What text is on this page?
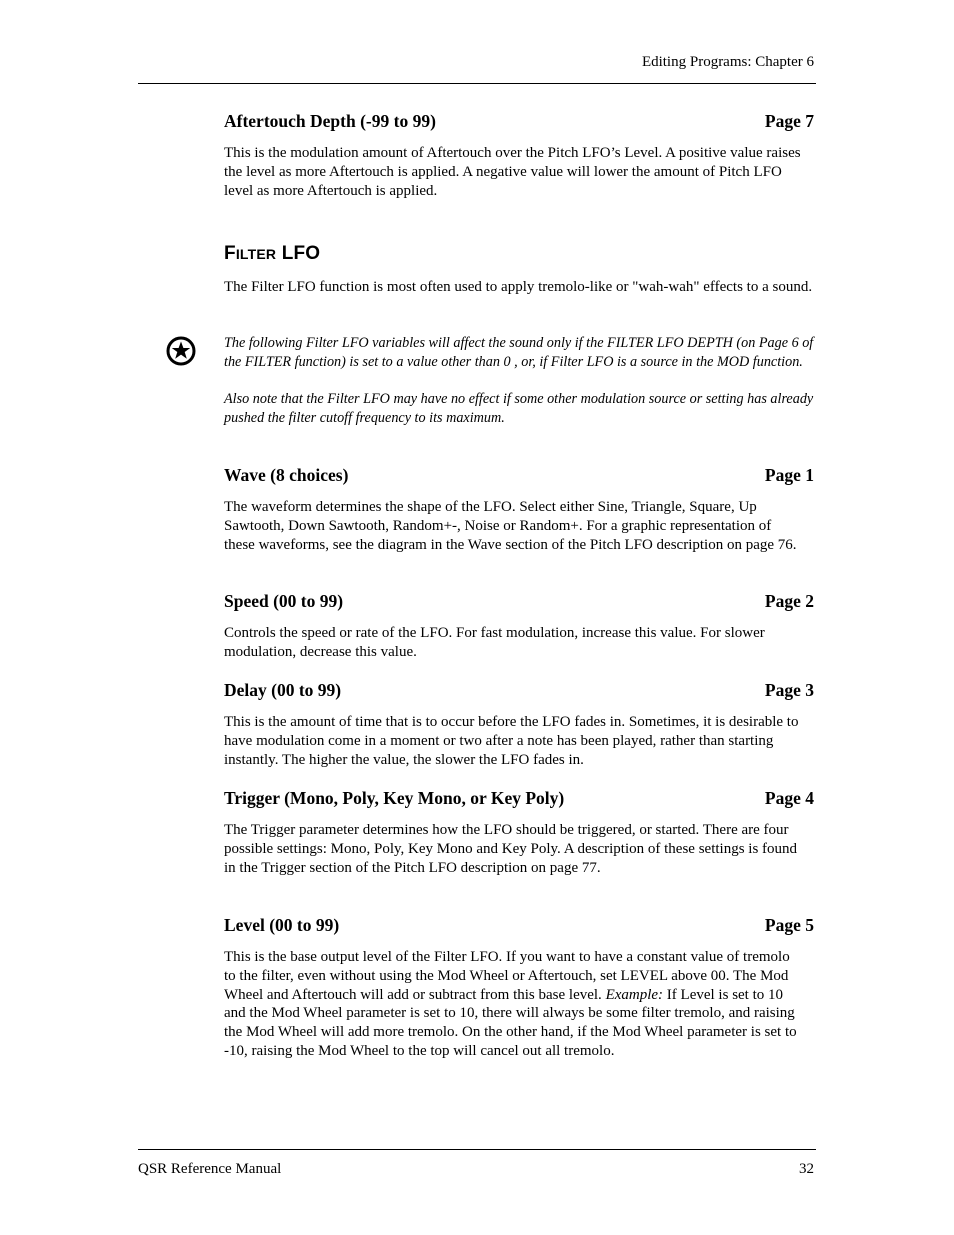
Editing Programs: Chapter 6
Aftertouch Depth (-99 to 99)	Page 7
This is the modulation amount of Aftertouch over the Pitch LFO’s Level. A positive value raises the level as more Aftertouch is applied. A negative value will lower the amount of Pitch LFO level as more Aftertouch is applied.
FILTER LFO
The Filter LFO function is most often used to apply tremolo-like or "wah-wah" effects to a sound.

The following Filter LFO variables will affect the sound only if the FILTER LFO DEPTH (on Page 6 of the FILTER function) is set to a value other than 0 , or, if Filter LFO is a source in the MOD function.

Also note that the Filter LFO may have no effect if some other modulation source or setting has already pushed the filter cutoff frequency to its maximum.

Wave (8 choices)	Page 1
The waveform determines the shape of the LFO. Select either Sine, Triangle, Square, Up Sawtooth, Down Sawtooth, Random+-, Noise or Random+. For a graphic representation of these waveforms, see the diagram in the Wave section of the Pitch LFO description on page 76.
Speed (00 to 99)	Page 2
Controls the speed or rate of the LFO. For fast modulation, increase this value. For slower modulation, decrease this value.
Delay (00 to 99)	Page 3
This is the amount of time that is to occur before the LFO fades in. Sometimes, it is desirable to have modulation come in a moment or two after a note has been played, rather than starting instantly. The higher the value, the slower the LFO fades in.
Trigger (Mono, Poly, Key Mono, or Key Poly)	Page 4
The Trigger parameter determines how the LFO should be triggered, or started. There are four possible settings: Mono, Poly, Key Mono and Key Poly. A description of these settings is found in the Trigger section of the Pitch LFO description on page 77.
Level (00 to 99)	Page 5
This is the base output level of the Filter LFO. If you want to have a constant value of tremolo to the filter, even without using the Mod Wheel or Aftertouch, set LEVEL above 00. The Mod Wheel and Aftertouch will add or subtract from this base level. Example: If Level is set to 10 and the Mod Wheel parameter is set to 10, there will always be some filter tremolo, and raising the Mod Wheel will add more tremolo. On the other hand, if the Mod Wheel parameter is set to -10, raising the Mod Wheel to the top will cancel out all tremolo.
QSR Reference Manual	32
